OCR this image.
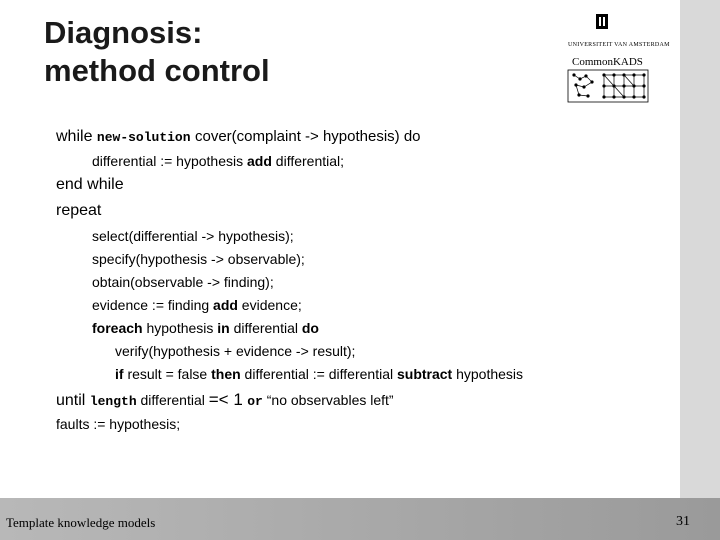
Diagnosis:
method control
UNIVERSITEIT VAN AMSTERDAM
CommonKADS
while new-solution cover(complaint -> hypothesis) do
differential := hypothesis add differential;
end while
repeat
select(differential -> hypothesis);
specify(hypothesis -> observable);
obtain(observable -> finding);
evidence := finding add evidence;
foreach hypothesis in differential do
verify(hypothesis + evidence -> result);
if result = false then differential := differential subtract hypothesis
until length differential =< 1 or “no observables left”
faults := hypothesis;
Template knowledge models	31
